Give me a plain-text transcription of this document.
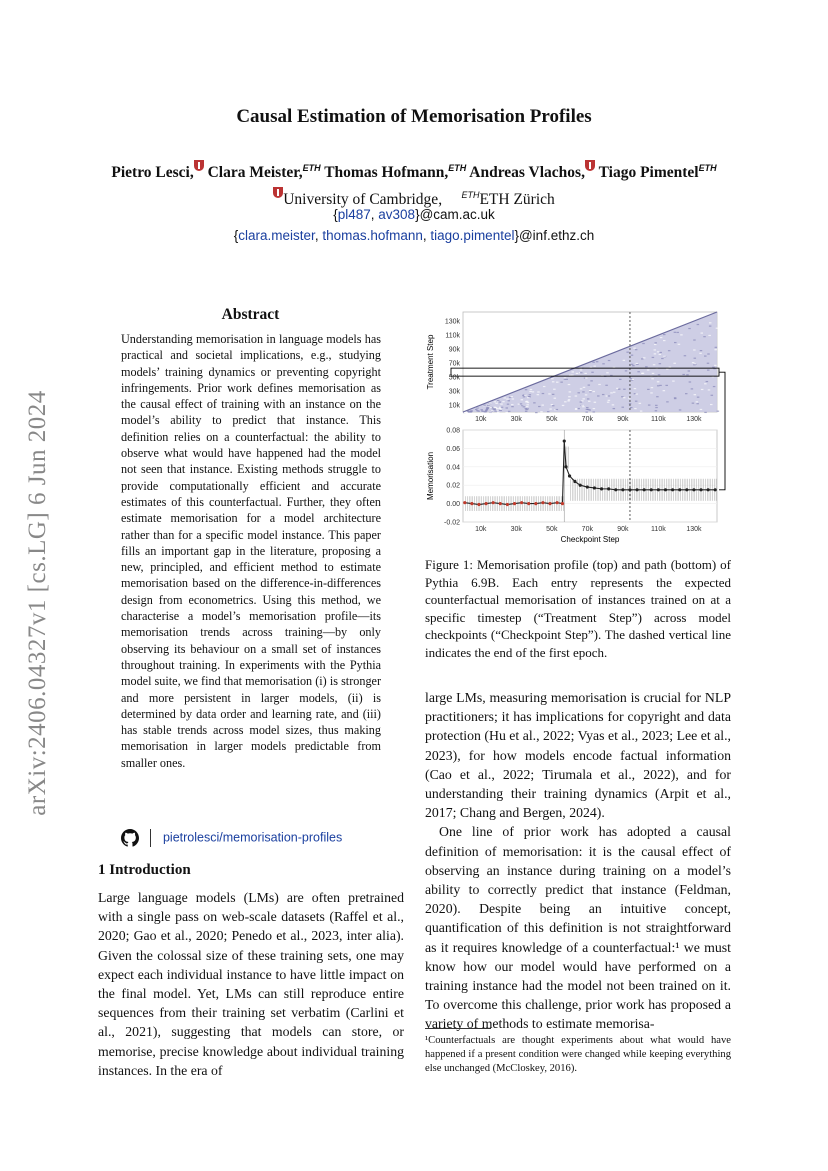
arXiv:2406.04327v1 [cs.LG] 6 Jun 2024
Causal Estimation of Memorisation Profiles
Pietro Lesci, Clara Meister,$^{ETH}$ Thomas Hofmann,$^{ETH}$ Andreas Vlachos, Tiago Pimentel$^{ETH}$
University of Cambridge, $^{ETH}$ETH Zürich
{pl487, av308}@cam.ac.uk
{clara.meister, thomas.hofmann, tiago.pimentel}@inf.ethz.ch
Abstract
Understanding memorisation in language models has practical and societal implications, e.g., studying models’ training dynamics or preventing copyright infringements. Prior work defines memorisation as the causal effect of training with an instance on the model’s ability to predict that instance. This definition relies on a counterfactual: the ability to observe what would have happened had the model not seen that instance. Existing methods struggle to provide computationally efficient and accurate estimates of this counterfactual. Further, they often estimate memorisation for a model architecture rather than for a specific model instance. This paper fills an important gap in the literature, proposing a new, principled, and efficient method to estimate memorisation based on the difference-in-differences design from econometrics. Using this method, we characterise a model’s memorisation profile—its memorisation trends across training—by only observing its behaviour on a small set of instances throughout training. In experiments with the Pythia model suite, we find that memorisation (i) is stronger and more persistent in larger models, (ii) is determined by data order and learning rate, and (iii) has stable trends across model sizes, thus making memorisation in larger models predictable from smaller ones.
pietrolesci/memorisation-profiles
1 Introduction
Large language models (LMs) are often pretrained with a single pass on web-scale datasets (Raffel et al., 2020; Gao et al., 2020; Penedo et al., 2023, inter alia). Given the colossal size of these training sets, one may expect each individual instance to have little impact on the final model. Yet, LMs can still reproduce entire sequences from their training set verbatim (Carlini et al., 2021), suggesting that models can store, or memorise, precise knowledge about individual training instances. In the era of
10k
30k
50k
70k
90k
110k
130k
10k	30k	50k	70k	90k	110k	130k
Treatment Step
-0.02
0.00
0.02
0.04
0.06
0.08
10k	30k	50k	70k	90k	110k	130k
Memorisation
Checkpoint Step
Figure 1: Memorisation profile (top) and path (bottom) of Pythia 6.9B. Each entry represents the expected counterfactual memorisation of instances trained on at a specific timestep (“Treatment Step”) across model checkpoints (“Checkpoint Step”). The dashed vertical line indicates the end of the first epoch.

large LMs, measuring memorisation is crucial for NLP practitioners; it has implications for copyright and data protection (Hu et al., 2022; Vyas et al., 2023; Lee et al., 2023), for how models encode factual information (Cao et al., 2022; Tirumala et al., 2022), and for understanding their training dynamics (Arpit et al., 2017; Chang and Bergen, 2024).

One line of prior work has adopted a causal definition of memorisation: it is the causal effect of observing an instance during training on a model’s ability to correctly predict that instance (Feldman, 2020). Despite being an intuitive concept, quantification of this definition is not straightforward as it requires knowledge of a counterfactual:¹ we must know how our model would have performed on a training instance had the model not been trained on it. To overcome this challenge, prior work has proposed a variety of methods to estimate memorisa-

¹Counterfactuals are thought experiments about what would have happened if a present condition were changed while keeping everything else unchanged (McCloskey, 2016).
